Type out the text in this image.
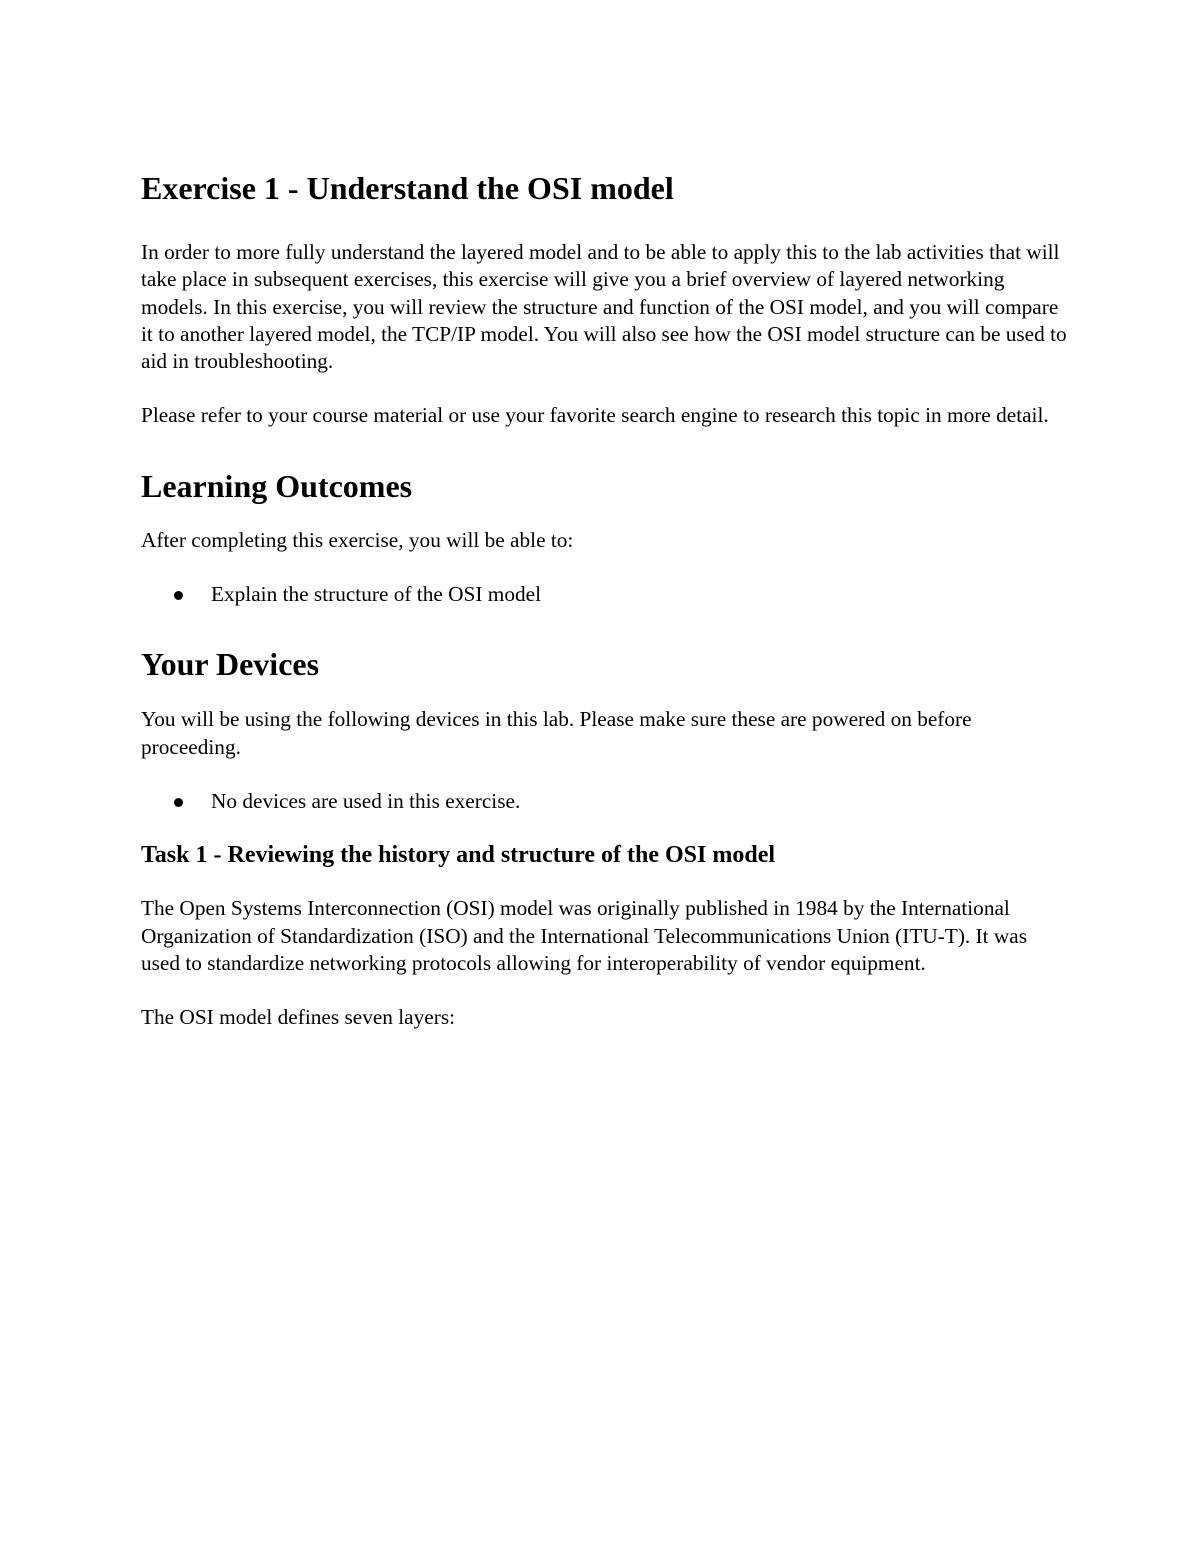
Exercise 1 - Understand the OSI model

In order to more fully understand the layered model and to be able to apply this to the lab activities that will take place in subsequent exercises, this exercise will give you a brief overview of layered networking models. In this exercise, you will review the structure and function of the OSI model, and you will compare it to another layered model, the TCP/IP model. You will also see how the OSI model structure can be used to aid in troubleshooting.

Please refer to your course material or use your favorite search engine to research this topic in more detail.

Learning Outcomes

After completing this exercise, you will be able to:

Explain the structure of the OSI model
Your Devices

You will be using the following devices in this lab. Please make sure these are powered on before proceeding.

No devices are used in this exercise.
Task 1 - Reviewing the history and structure of the OSI model

The Open Systems Interconnection (OSI) model was originally published in 1984 by the International Organization of Standardization (ISO) and the International Telecommunications Union (ITU-T). It was used to standardize networking protocols allowing for interoperability of vendor equipment.

The OSI model defines seven layers:
